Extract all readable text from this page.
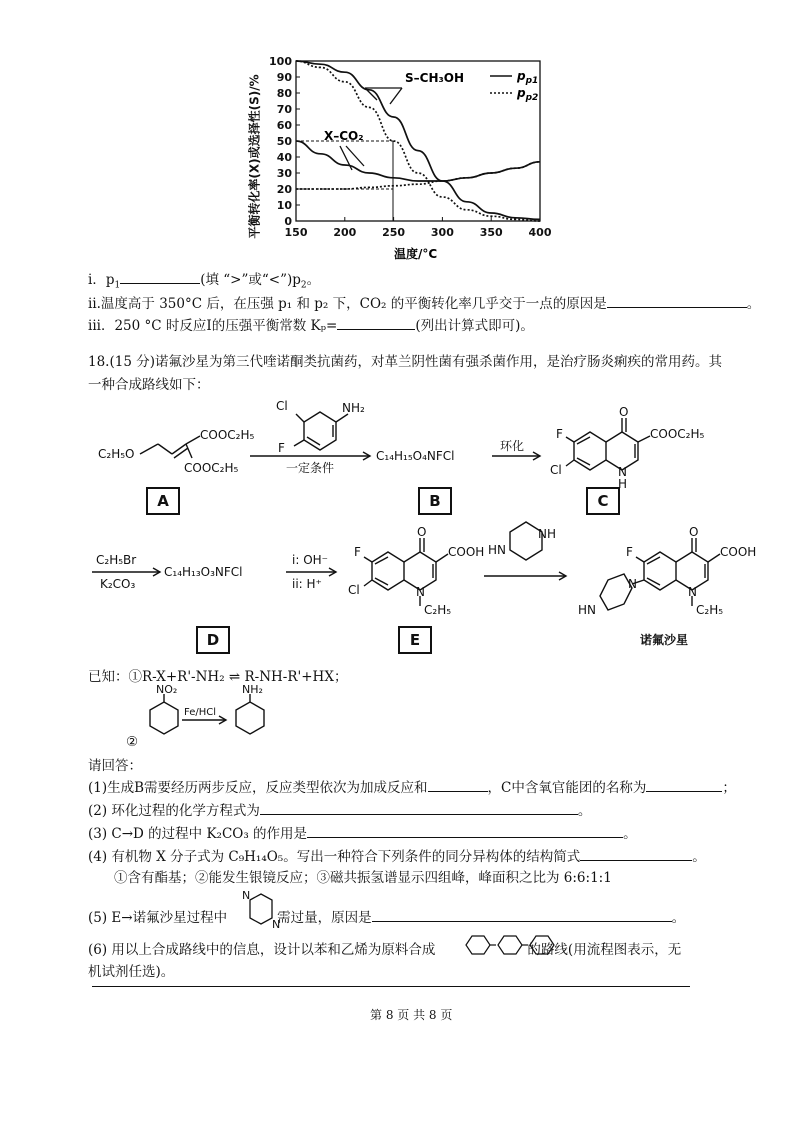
0
10
20
30
40
50
60
70
80
90
100
150 200 250 300 350 400
S–CH₃OH
X–CO₂
$p_{p1}$
$p_{p2}$
温度/°C
平衡转化率(X)或选择性(S)/%
i．$p_1$	(填 “>”或“$<”)p_2$。
ⅱ.温度高于 350°C 后，在压强 p₁ 和 p₂ 下，CO₂ 的平衡转化率几乎交于一点的原因是	。
iii．250 °C 时反应Ⅰ的压强平衡常数 Kₚ=	(列出计算式即可)。
18.(15 分)诺氟沙星为第三代喹诺酮类抗菌药，对革兰阴性菌有强杀菌作用，是治疗肠炎痢疾的常用药。其
一种合成路线如下：
C₂H₅O
COOC₂H₅
COOC₂H₅
Cl
F
NH₂
一定条件
C₁₄H₁₅O₄NFCl
环化
O
F
Cl
COOC₂H₅
N
H
C₂H₅Br
K₂CO₃
C₁₄H₁₃O₃NFCl
i: OH⁻
ii: H⁺
O
F
Cl
COOH
N
C₂H₅
NH
HN
O
F	COOH
N
C₂H₅
N
HN
诺氟沙星
A	B	C
D	E
已知：①R-X+R'-NH₂ ⇌ R-NH-R'+HX；
NO₂
Fe/HCl
NH₂
②
请回答：
(1)生成B需要经历两步反应，反应类型依次为加成反应和	，C中含氧官能团的名称为	；
(2) 环化过程的化学方程式为	。
(3) C→D 的过程中 K₂CO₃ 的作用是	。
(4) 有机物 X 分子式为 C₉H₁₄O₅。写出一种符合下列条件的同分异构体的结构简式	。
①含有酯基；②能发生银镜反应；③磁共振氢谱显示四组峰，峰面积之比为 6:6:1:1
(5) E→诺氟沙星过程中	需过量，原因是	。
N
N
(6) 用以上合成路线中的信息，设计以苯和乙烯为原料合成	的路线(用流程图表示，无
机试剂任选)。
第 8 页 共 8 页
